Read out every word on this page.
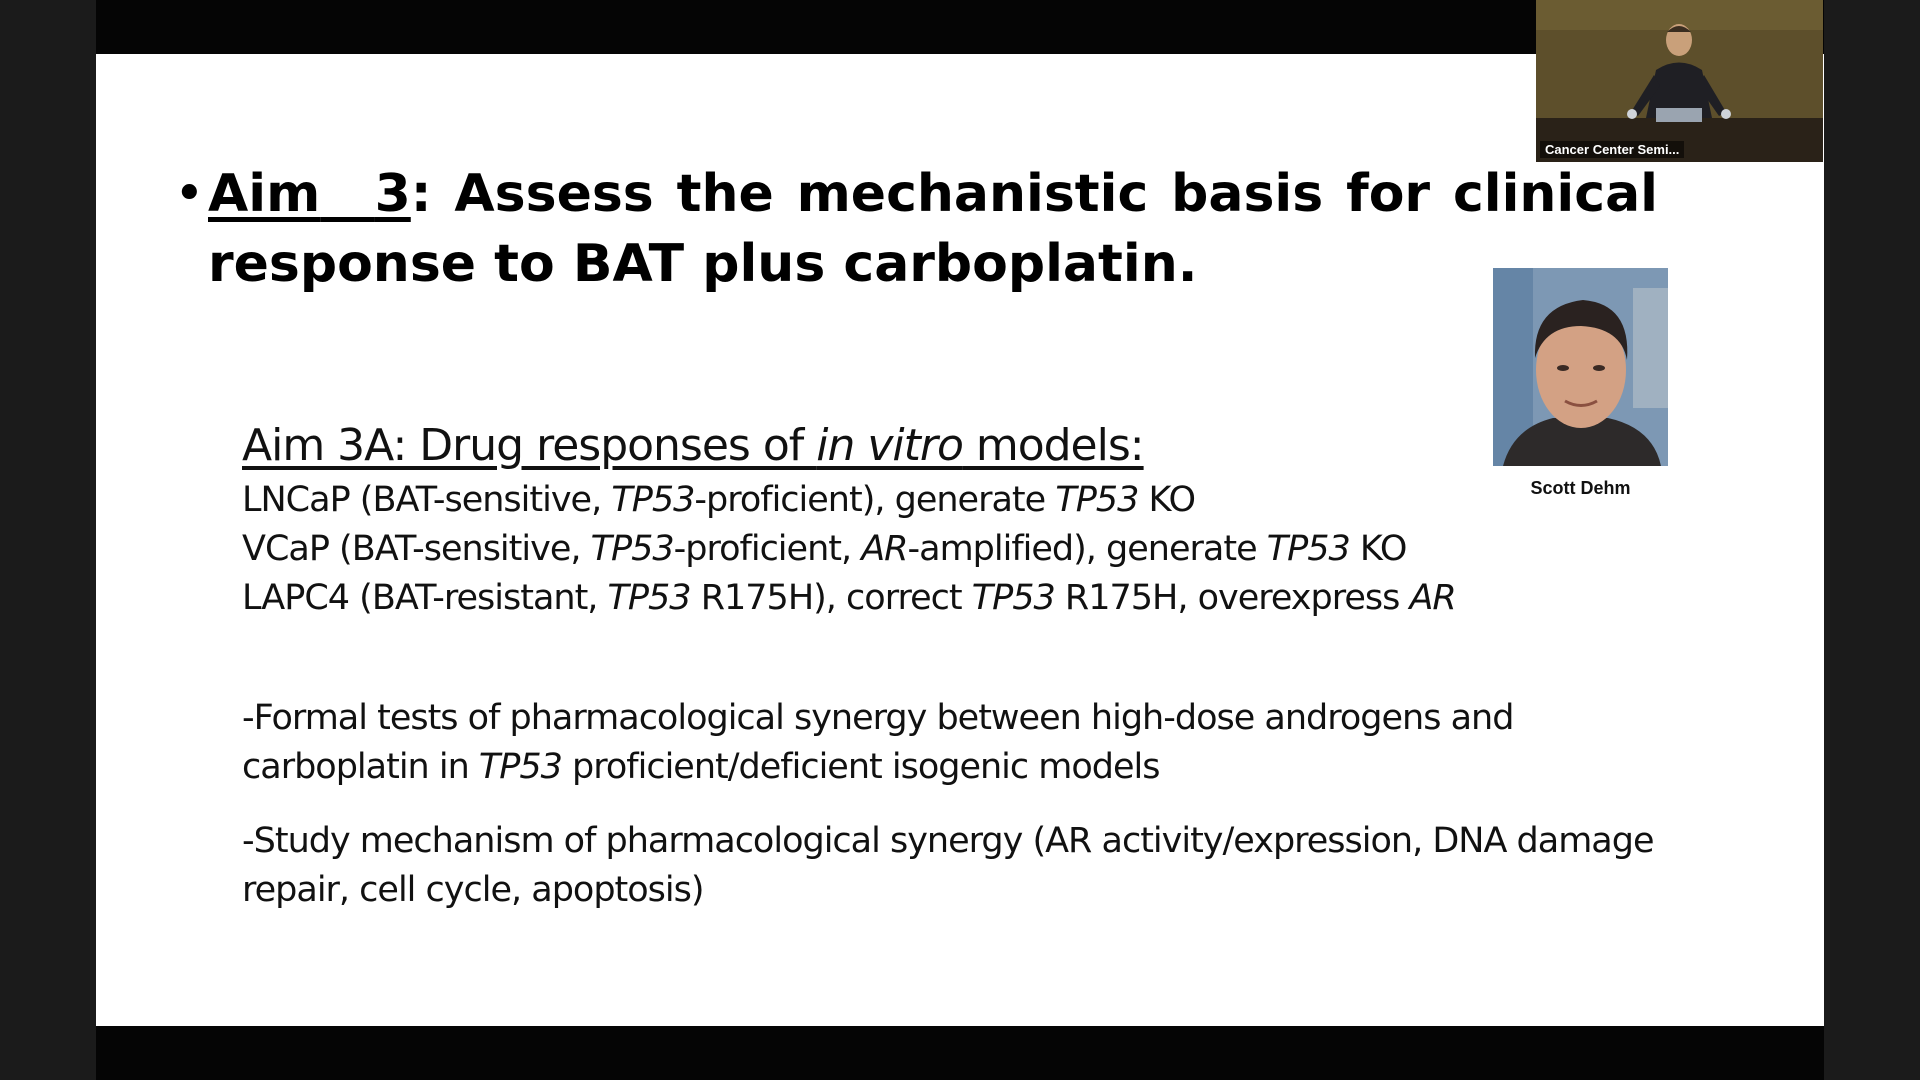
• Aim 3: Assess the mechanistic basis for clinical
response to BAT plus carboplatin.
Scott Dehm
Aim 3A: Drug responses of in vitro models:
LNCaP (BAT-sensitive, TP53-proficient), generate TP53 KO
VCaP (BAT-sensitive, TP53-proficient, AR-amplified), generate TP53 KO
LAPC4 (BAT-resistant, TP53 R175H), correct TP53 R175H, overexpress AR
-Formal tests of pharmacological synergy between high-dose androgens and carboplatin in TP53 proficient/deficient isogenic models
-Study mechanism of pharmacological synergy (AR activity/expression, DNA damage repair, cell cycle, apoptosis)
Cancer Center Semi...
